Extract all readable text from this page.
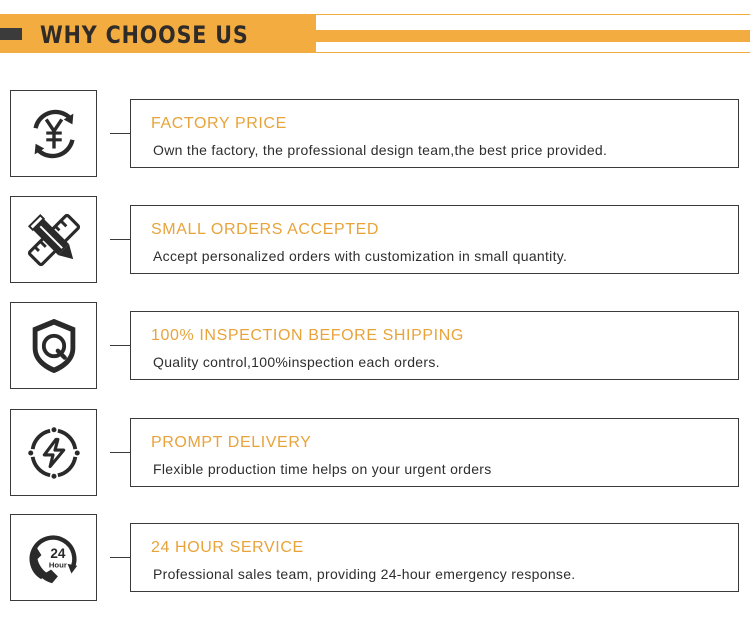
WHY CHOOSE US
FACTORY PRICE
Own the factory, the professional design team,the best price provided.
SMALL ORDERS ACCEPTED
Accept personalized orders with customization in small quantity.
100% INSPECTION BEFORE SHIPPING
Quality control,100%inspection each orders.
PROMPT DELIVERY
Flexible production time helps on your urgent orders
24
Hour
24 HOUR SERVICE
Professional sales team, providing 24-hour emergency response.
